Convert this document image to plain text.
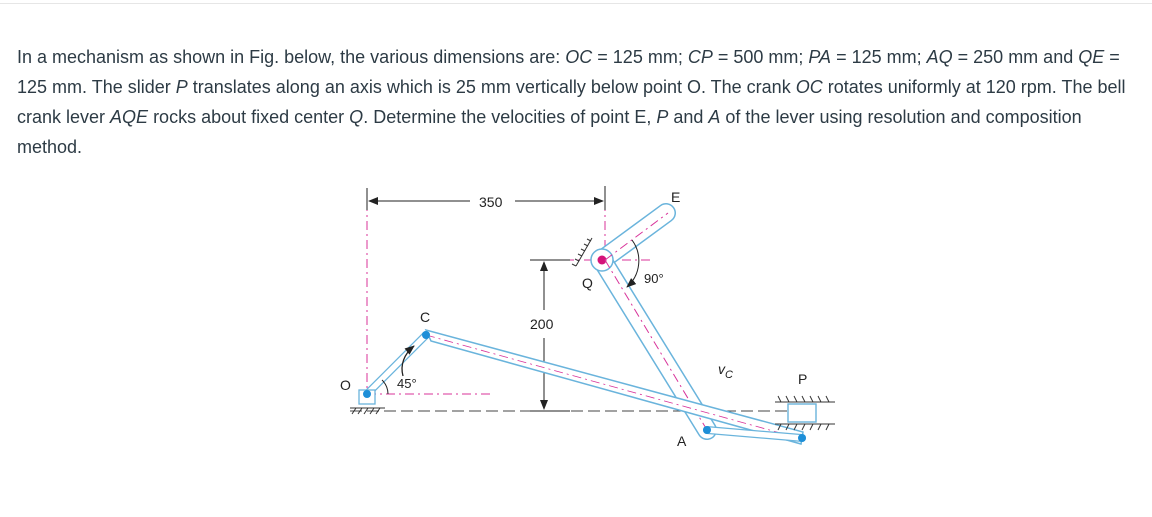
In a mechanism as shown in Fig. below, the various dimensions are: OC = 125 mm; CP = 500 mm; PA = 125 mm; AQ = 250 mm and QE = 125 mm. The slider P translates along an axis which is 25 mm vertically below point O. The crank OC rotates uniformly at 120 rpm. The bell crank lever AQE rocks about fixed center Q. Determine the velocities of point E, P and A of the lever using resolution and composition method.

350
200
90°
45°
O
C
Q
E
A
P
$v_C$
